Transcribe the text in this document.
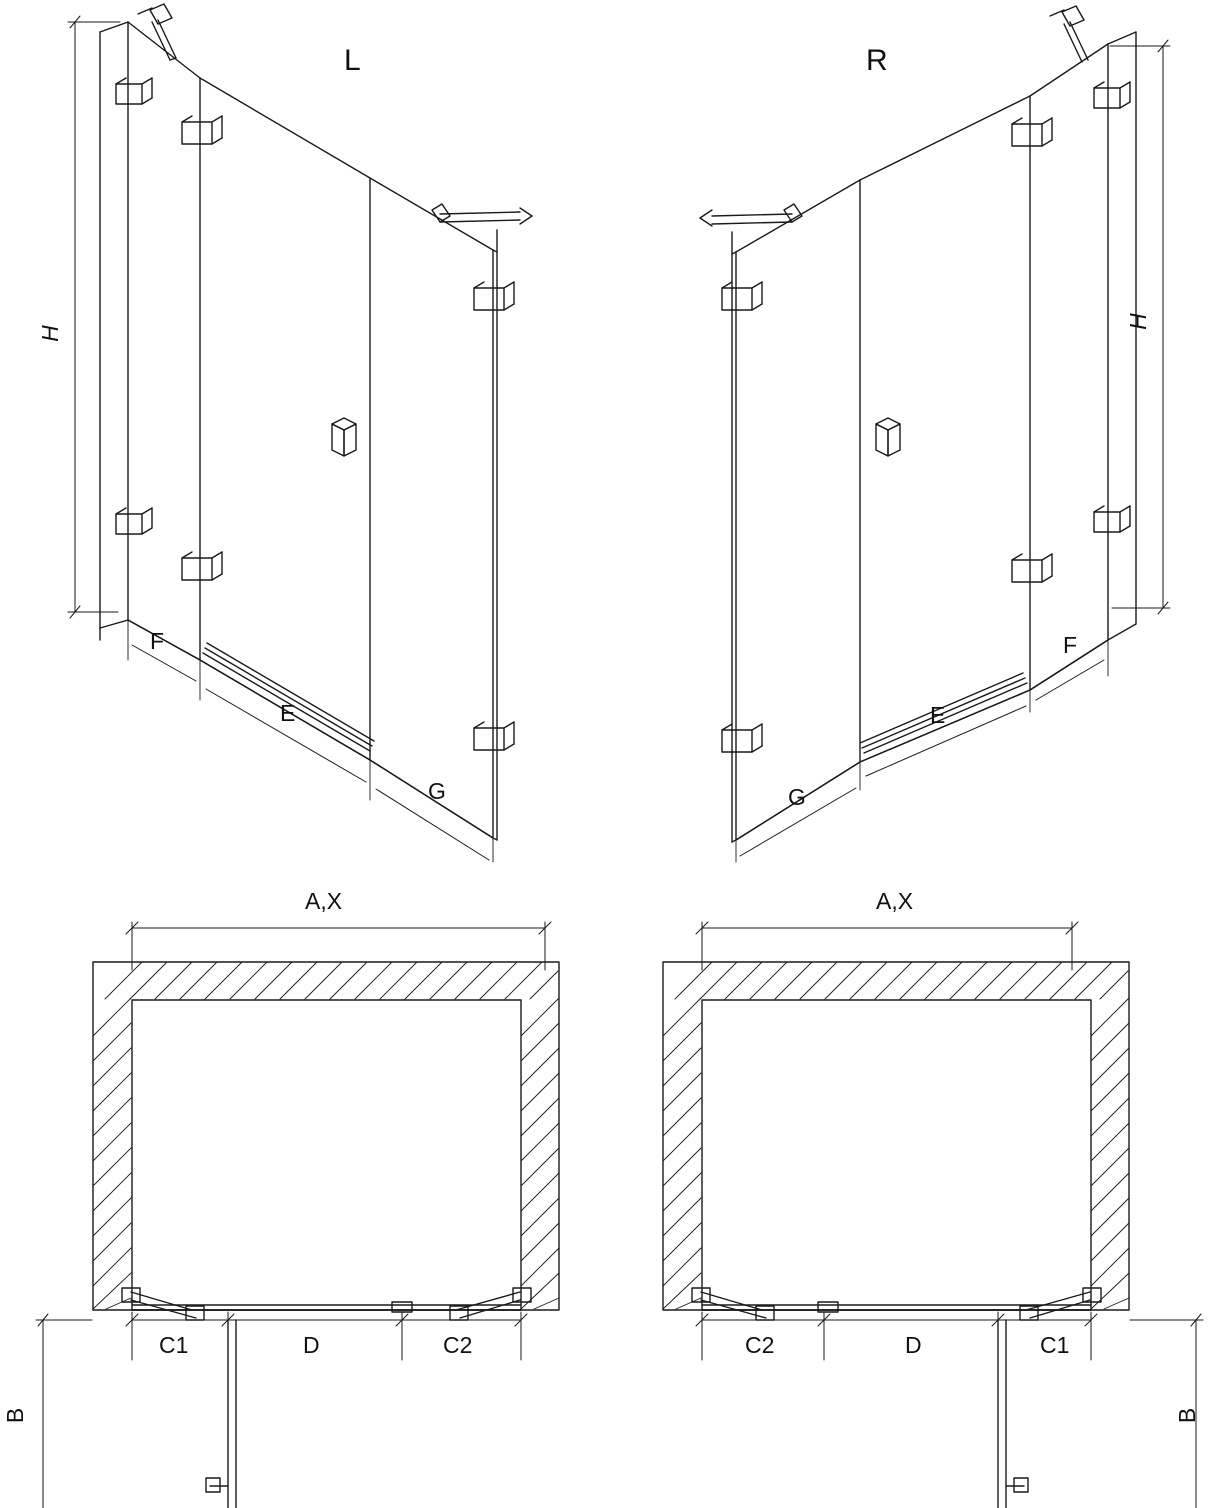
L	R
H
H
F
E
G	G
E
F
A,X	A,X
C1	D	C2	C2	D	C1
B	B
